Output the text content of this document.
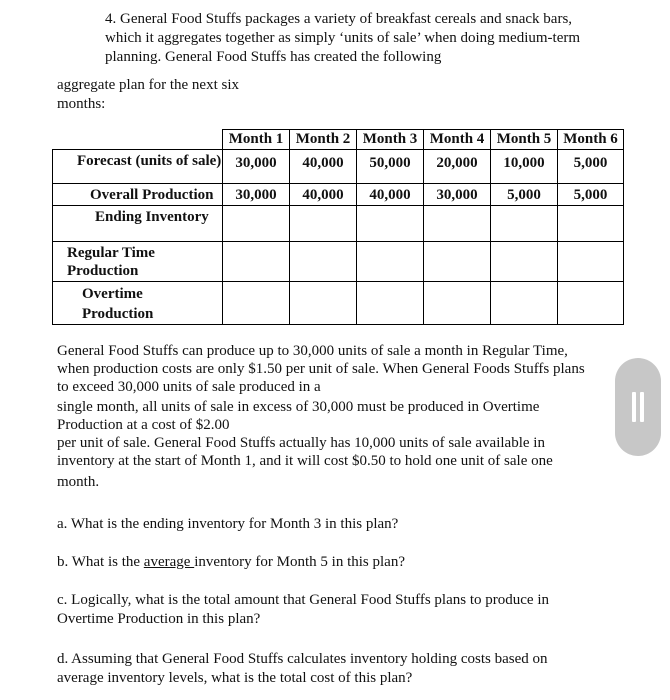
4. General Food Stuffs packages a variety of breakfast cereals and snack bars,
which it aggregates together as simply ‘units of sale’ when doing medium-term
planning. General Food Stuffs has created the following
aggregate plan for the next six
months:
	Month 1	Month 2	Month 3	Month 4	Month 5	Month 6
Forecast (units of sale)	30,000	40,000	50,000	20,000	10,000	5,000
Overall Production	30,000	40,000	40,000	30,000	5,000	5,000
Ending Inventory						
Regular Time Production						
Overtime Production						
General Food Stuffs can produce up to 30,000 units of sale a month in Regular Time,
when production costs are only $1.50 per unit of sale. When General Foods Stuffs plans
to exceed 30,000 units of sale produced in a
single month, all units of sale in excess of 30,000 must be produced in Overtime
Production at a cost of $2.00
per unit of sale. General Food Stuffs actually has 10,000 units of sale available in
inventory at the start of Month 1, and it will cost $0.50 to hold one unit of sale one
month.
a. What is the ending inventory for Month 3 in this plan?
b. What is the average inventory for Month 5 in this plan?
c. Logically, what is the total amount that General Food Stuffs plans to produce in
Overtime Production in this plan?
d. Assuming that General Food Stuffs calculates inventory holding costs based on
average inventory levels, what is the total cost of this plan?
